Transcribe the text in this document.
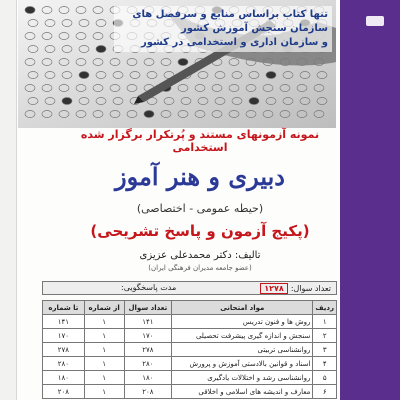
تنها کتاب براساس منابع و سرفصل های سازمان سنجش آموزش کشور
و سازمان اداری و استخدامی در کشور
نمونه آزمونهای مستند و پُرتکرار برگزار شده استخدامی
دبیری و هنر آموز
(حیطه عمومی - اختصاصی)
(پکیج آزمون و پاسخ تشریحی)
تالیف: دکتر محمدعلی عزیزی
(عضو جامعه مدیران فرهنگی ایران)
تعداد سوال:۱۲۷۸
مدت پاسخگویی:
ردیف	مواد امتحانی	تعداد سوال	از شماره	تا شماره
۱	روش ها و فنون تدریس	۱۴۱	۱	۱۴۱
۲	سنجش و اندازه گیری پیشرفت تحصیلی	۱۷۰	۱	۱۷۰
۳	روانشناسی تربیتی	۲۷۸	۱	۲۷۸
۴	اسناد و قوانین بالادستی آموزش و پرورش	۲۸۰	۱	۲۸۰
۵	روانشناسی رشد و اختلالات یادگیری	۱۸۰	۱	۱۸۰
۶	معارف و اندیشه های اسلامی و اخلاقی	۲۰۸	۱	۲۰۸
